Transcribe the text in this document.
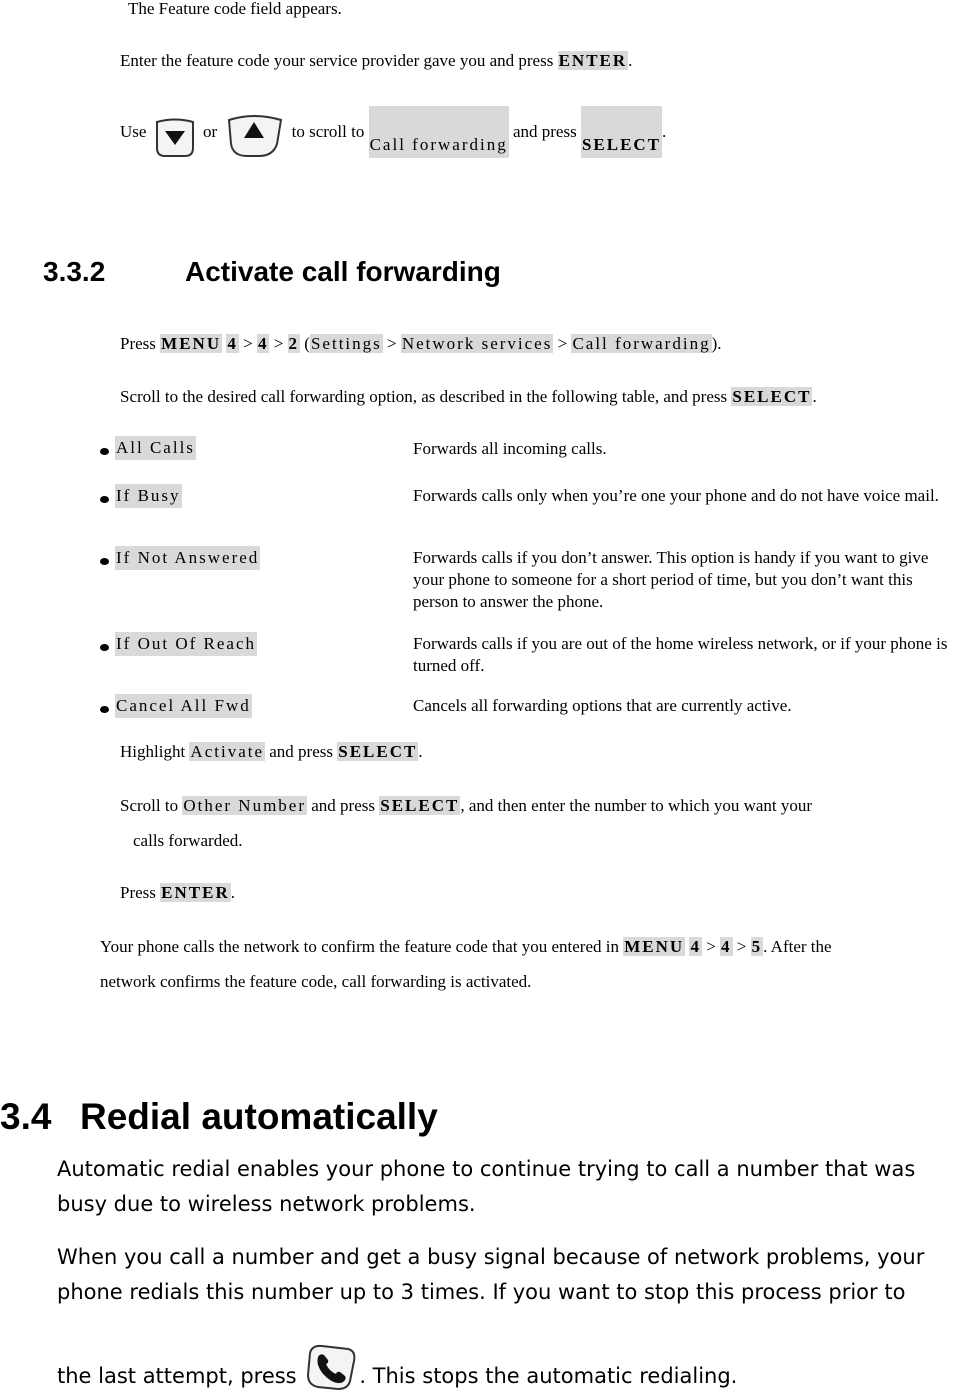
The Feature code field appears.
Enter the feature code your service provider gave you and press ENTER.
Use	or	to scroll to Call forwarding and press SELECT.
3.3.2	Activate call forwarding
Press MENU 4 > 4 > 2 (Settings > Network services > Call forwarding).
Scroll to the desired call forwarding option, as described in the following table, and press SELECT.
All Calls	Forwards all incoming calls.
If Busy	Forwards calls only when you’re one your phone and do not have voice mail.
If Not Answered	Forwards calls if you don’t answer. This option is handy if you want to give your phone to someone for a short period of time, but you don’t want this person to answer the phone.
If Out Of Reach	Forwards calls if you are out of the home wireless network, or if your phone is turned off.
Cancel All Fwd	Cancels all forwarding options that are currently active.
Highlight Activate and press SELECT.
Scroll to Other Number and press SELECT, and then enter the number to which you want your
calls forwarded.
Press ENTER.
Your phone calls the network to confirm the feature code that you entered in MENU 4 > 4 > 5. After the
network confirms the feature code, call forwarding is activated.
3.4 Redial automatically
Automatic redial enables your phone to continue trying to call a number that was
busy due to wireless network problems.
When you call a number and get a busy signal because of network problems, your
phone redials this number up to 3 times. If you want to stop this process prior to
the last attempt, press	. This stops the automatic redialing.
